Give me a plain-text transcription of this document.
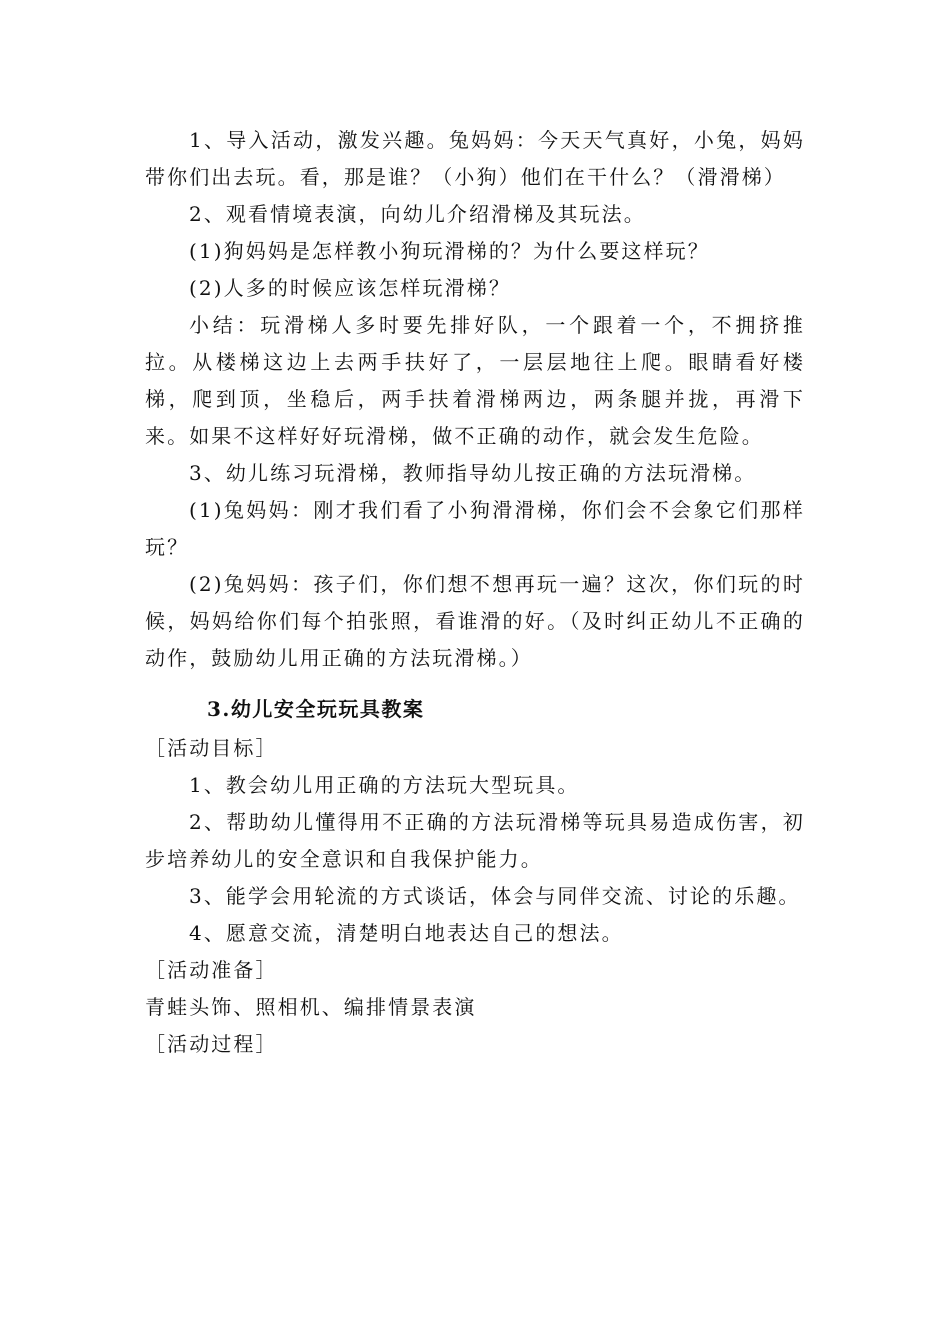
1、导入活动，激发兴趣。兔妈妈：今天天气真好，小兔，妈妈带你们出去玩。看，那是谁？（小狗）他们在干什么？（滑滑梯）

2、观看情境表演，向幼儿介绍滑梯及其玩法。

(1)狗妈妈是怎样教小狗玩滑梯的？为什么要这样玩？

(2)人多的时候应该怎样玩滑梯？

小结：玩滑梯人多时要先排好队，一个跟着一个，不拥挤推拉。从楼梯这边上去两手扶好了，一层层地往上爬。眼睛看好楼梯，爬到顶，坐稳后，两手扶着滑梯两边，两条腿并拢，再滑下来。如果不这样好好玩滑梯，做不正确的动作，就会发生危险。

3、幼儿练习玩滑梯，教师指导幼儿按正确的方法玩滑梯。

(1)兔妈妈：刚才我们看了小狗滑滑梯，你们会不会象它们那样玩？

(2)兔妈妈：孩子们，你们想不想再玩一遍？这次，你们玩的时候，妈妈给你们每个拍张照，看谁滑的好。（及时纠正幼儿不正确的动作，鼓励幼儿用正确的方法玩滑梯。）

3.幼儿安全玩玩具教案

［活动目标］

1、教会幼儿用正确的方法玩大型玩具。

2、帮助幼儿懂得用不正确的方法玩滑梯等玩具易造成伤害，初步培养幼儿的安全意识和自我保护能力。

3、能学会用轮流的方式谈话，体会与同伴交流、讨论的乐趣。

4、愿意交流，清楚明白地表达自己的想法。

［活动准备］

青蛙头饰、照相机、编排情景表演

［活动过程］
